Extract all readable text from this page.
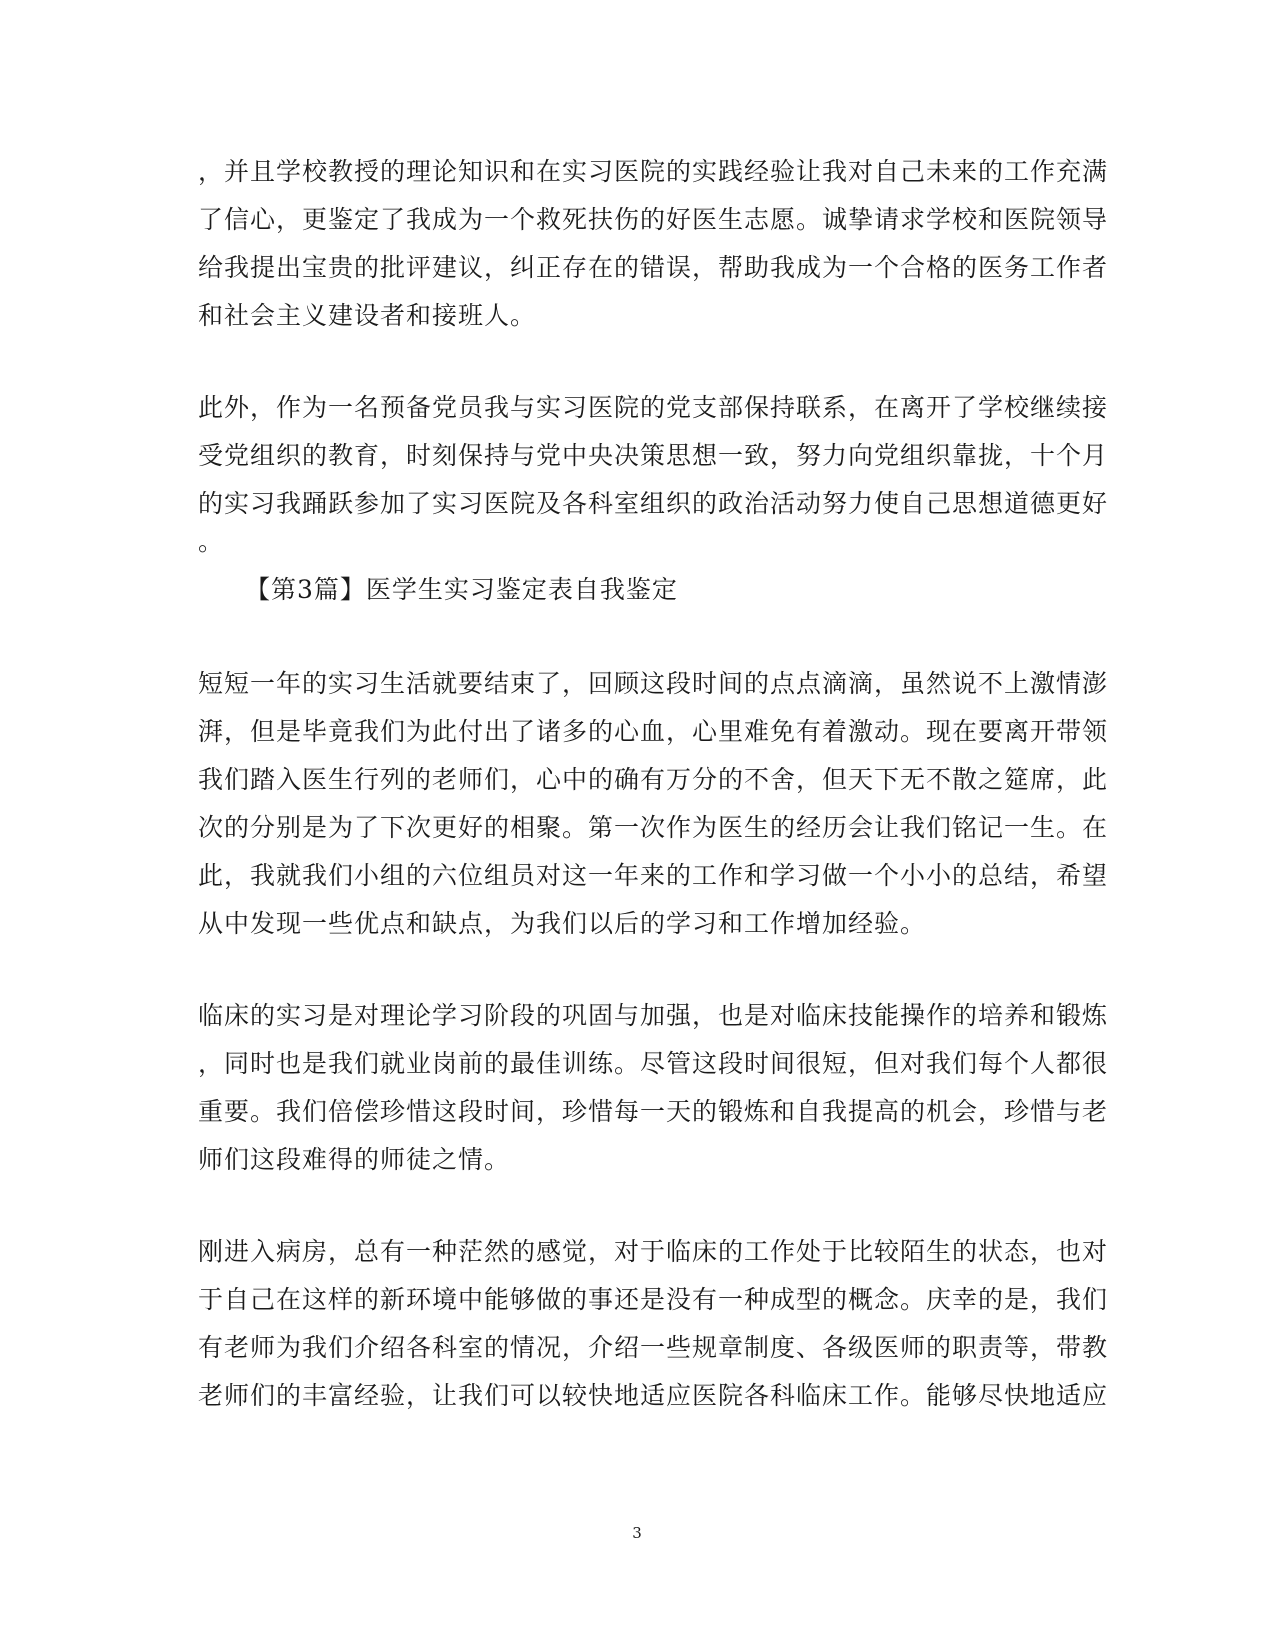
，并且学校教授的理论知识和在实习医院的实践经验让我对自己未来的工作充满
了信心，更鉴定了我成为一个救死扶伤的好医生志愿。诚挚请求学校和医院领导
给我提出宝贵的批评建议，纠正存在的错误，帮助我成为一个合格的医务工作者
和社会主义建设者和接班人。
此外，作为一名预备党员我与实习医院的党支部保持联系，在离开了学校继续接
受党组织的教育，时刻保持与党中央决策思想一致，努力向党组织靠拢，十个月
的实习我踊跃参加了实习医院及各科室组织的政治活动努力使自己思想道德更好
。
【第3篇】医学生实习鉴定表自我鉴定
短短一年的实习生活就要结束了，回顾这段时间的点点滴滴，虽然说不上激情澎
湃，但是毕竟我们为此付出了诸多的心血，心里难免有着激动。现在要离开带领
我们踏入医生行列的老师们，心中的确有万分的不舍，但天下无不散之筵席，此
次的分别是为了下次更好的相聚。第一次作为医生的经历会让我们铭记一生。在
此，我就我们小组的六位组员对这一年来的工作和学习做一个小小的总结，希望
从中发现一些优点和缺点，为我们以后的学习和工作增加经验。
临床的实习是对理论学习阶段的巩固与加强，也是对临床技能操作的培养和锻炼
，同时也是我们就业岗前的最佳训练。尽管这段时间很短，但对我们每个人都很
重要。我们倍偿珍惜这段时间，珍惜每一天的锻炼和自我提高的机会，珍惜与老
师们这段难得的师徒之情。
刚进入病房，总有一种茫然的感觉，对于临床的工作处于比较陌生的状态，也对
于自己在这样的新环境中能够做的事还是没有一种成型的概念。庆幸的是，我们
有老师为我们介绍各科室的情况，介绍一些规章制度、各级医师的职责等，带教
老师们的丰富经验，让我们可以较快地适应医院各科临床工作。能够尽快地适应
3
